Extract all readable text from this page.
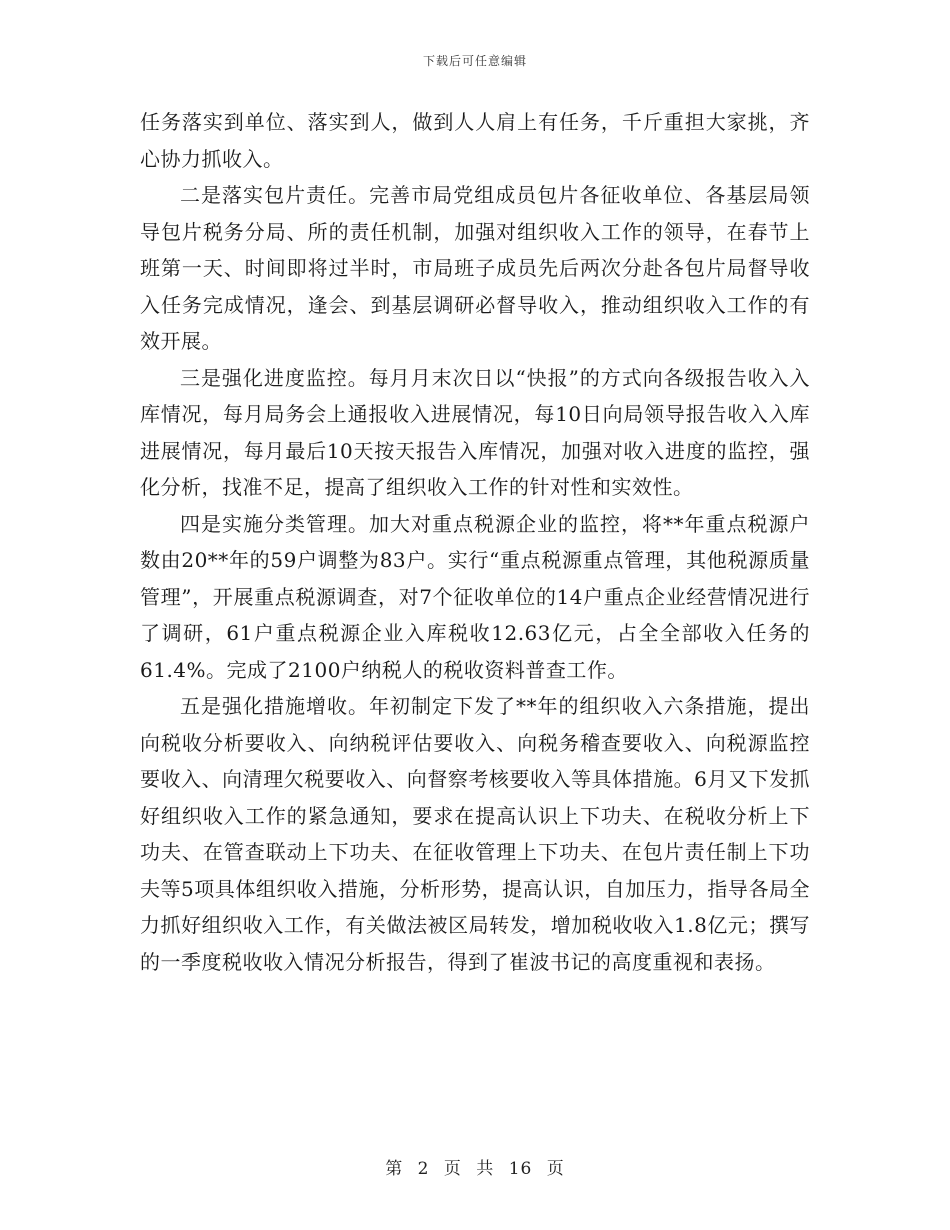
下载后可任意编辑

任务落实到单位、落实到人，做到人人肩上有任务，千斤重担大家挑，齐心协力抓收入。

二是落实包片责任。完善市局党组成员包片各征收单位、各基层局领导包片税务分局、所的责任机制，加强对组织收入工作的领导，在春节上班第一天、时间即将过半时，市局班子成员先后两次分赴各包片局督导收入任务完成情况，逢会、到基层调研必督导收入，推动组织收入工作的有效开展。

三是强化进度监控。每月月末次日以“快报”的方式向各级报告收入入库情况，每月局务会上通报收入进展情况，每10日向局领导报告收入入库进展情况，每月最后10天按天报告入库情况，加强对收入进度的监控，强化分析，找准不足，提高了组织收入工作的针对性和实效性。

四是实施分类管理。加大对重点税源企业的监控，将**年重点税源户数由20**年的59户调整为83户。实行“重点税源重点管理，其他税源质量管理”，开展重点税源调查，对7个征收单位的14户重点企业经营情况进行了调研，61户重点税源企业入库税收12.63亿元，占全全部收入任务的61.4%。完成了2100户纳税人的税收资料普查工作。

五是强化措施增收。年初制定下发了**年的组织收入六条措施，提出向税收分析要收入、向纳税评估要收入、向税务稽查要收入、向税源监控要收入、向清理欠税要收入、向督察考核要收入等具体措施。6月又下发抓好组织收入工作的紧急通知，要求在提高认识上下功夫、在税收分析上下功夫、在管查联动上下功夫、在征收管理上下功夫、在包片责任制上下功夫等5项具体组织收入措施，分析形势，提高认识，自加压力，指导各局全力抓好组织收入工作，有关做法被区局转发，增加税收收入1.8亿元；撰写的一季度税收收入情况分析报告，得到了崔波书记的高度重视和表扬。

第 2 页 共 16 页
